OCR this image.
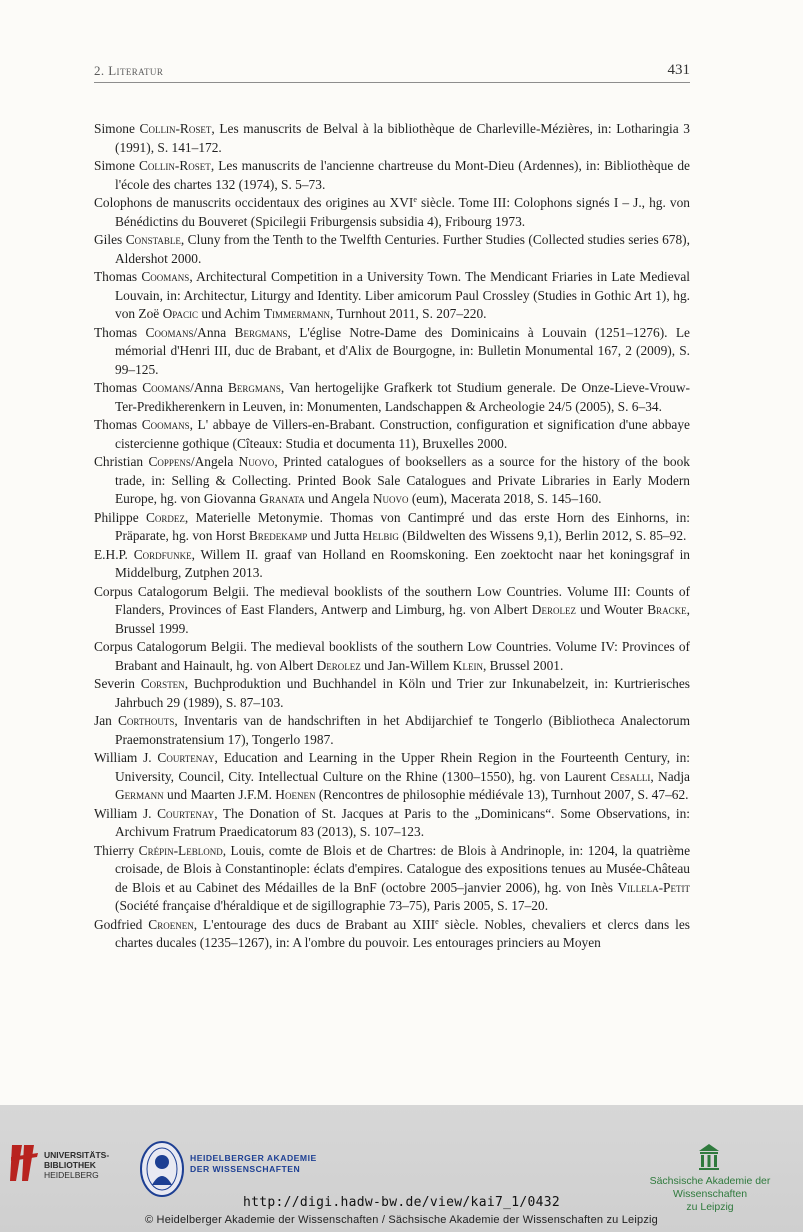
2. Literatur	431

Simone Collin-Roset, Les manuscrits de Belval à la bibliothèque de Charleville-Mézières, in: Lotharingia 3 (1991), S. 141–172.

Simone Collin-Roset, Les manuscrits de l'ancienne chartreuse du Mont-Dieu (Ardennes), in: Bibliothèque de l'école des chartes 132 (1974), S. 5–73.

Colophons de manuscrits occidentaux des origines au XVIe siècle. Tome III: Colophons signés I – J., hg. von Bénédictins du Bouveret (Spicilegii Friburgensis subsidia 4), Fribourg 1973.

Giles Constable, Cluny from the Tenth to the Twelfth Centuries. Further Studies (Collected studies series 678), Aldershot 2000.

Thomas Coomans, Architectural Competition in a University Town. The Mendicant Friaries in Late Medieval Louvain, in: Architectur, Liturgy and Identity. Liber amicorum Paul Crossley (Studies in Gothic Art 1), hg. von Zoë Opacic und Achim Timmermann, Turnhout 2011, S. 207–220.

Thomas Coomans/Anna Bergmans, L'église Notre-Dame des Dominicains à Louvain (1251–1276). Le mémorial d'Henri III, duc de Brabant, et d'Alix de Bourgogne, in: Bulletin Monumental 167, 2 (2009), S. 99–125.

Thomas Coomans/Anna Bergmans, Van hertogelijke Grafkerk tot Studium generale. De Onze-Lieve-Vrouw-Ter-Predikherenkern in Leuven, in: Monumenten, Landschappen & Archeologie 24/5 (2005), S. 6–34.

Thomas Coomans, L' abbaye de Villers-en-Brabant. Construction, configuration et signification d'une abbaye cistercienne gothique (Cîteaux: Studia et documenta 11), Bruxelles 2000.

Christian Coppens/Angela Nuovo, Printed catalogues of booksellers as a source for the history of the book trade, in: Selling & Collecting. Printed Book Sale Catalogues and Private Libraries in Early Modern Europe, hg. von Giovanna Granata und Angela Nuovo (eum), Macerata 2018, S. 145–160.

Philippe Cordez, Materielle Metonymie. Thomas von Cantimpré und das erste Horn des Einhorns, in: Präparate, hg. von Horst Bredekamp und Jutta Helbig (Bildwelten des Wissens 9,1), Berlin 2012, S. 85–92.

E.H.P. Cordfunke, Willem II. graaf van Holland en Roomskoning. Een zoektocht naar het koningsgraf in Middelburg, Zutphen 2013.

Corpus Catalogorum Belgii. The medieval booklists of the southern Low Countries. Volume III: Counts of Flanders, Provinces of East Flanders, Antwerp and Limburg, hg. von Albert Derolez und Wouter Bracke, Brussel 1999.

Corpus Catalogorum Belgii. The medieval booklists of the southern Low Countries. Volume IV: Provinces of Brabant and Hainault, hg. von Albert Derolez und Jan-Willem Klein, Brussel 2001.

Severin Corsten, Buchproduktion und Buchhandel in Köln und Trier zur Inkunabelzeit, in: Kurtrierisches Jahrbuch 29 (1989), S. 87–103.

Jan Corthouts, Inventaris van de handschriften in het Abdijarchief te Tongerlo (Bibliotheca Analectorum Praemonstratensium 17), Tongerlo 1987.

William J. Courtenay, Education and Learning in the Upper Rhein Region in the Fourteenth Century, in: University, Council, City. Intellectual Culture on the Rhine (1300–1550), hg. von Laurent Cesalli, Nadja Germann und Maarten J.F.M. Hoenen (Rencontres de philosophie médiévale 13), Turnhout 2007, S. 47–62.

William J. Courtenay, The Donation of St. Jacques at Paris to the „Dominicans“. Some Observations, in: Archivum Fratrum Praedicatorum 83 (2013), S. 107–123.

Thierry Crépin-Leblond, Louis, comte de Blois et de Chartres: de Blois à Andrinople, in: 1204, la quatrième croisade, de Blois à Constantinople: éclats d'empires. Catalogue des expositions tenues au Musée-Château de Blois et au Cabinet des Médailles de la BnF (octobre 2005–janvier 2006), hg. von Inès Villela-Petit (Société française d'héraldique et de sigillographie 73–75), Paris 2005, S. 17–20.

Godfried Croenen, L'entourage des ducs de Brabant au XIIIe siècle. Nobles, chevaliers et clercs dans les chartes ducales (1235–1267), in: A l'ombre du pouvoir. Les entourages princiers au Moyen

UNIVERSITÄTS-
BIBLIOTHEK
HEIDELBERG
HEIDELBERGER AKADEMIE
DER WISSENSCHAFTEN
Sächsische Akademie der Wissenschaften
zu Leipzig
http://digi.hadw-bw.de/view/kai7_1/0432
© Heidelberger Akademie der Wissenschaften / Sächsische Akademie der Wissenschaften zu Leipzig
